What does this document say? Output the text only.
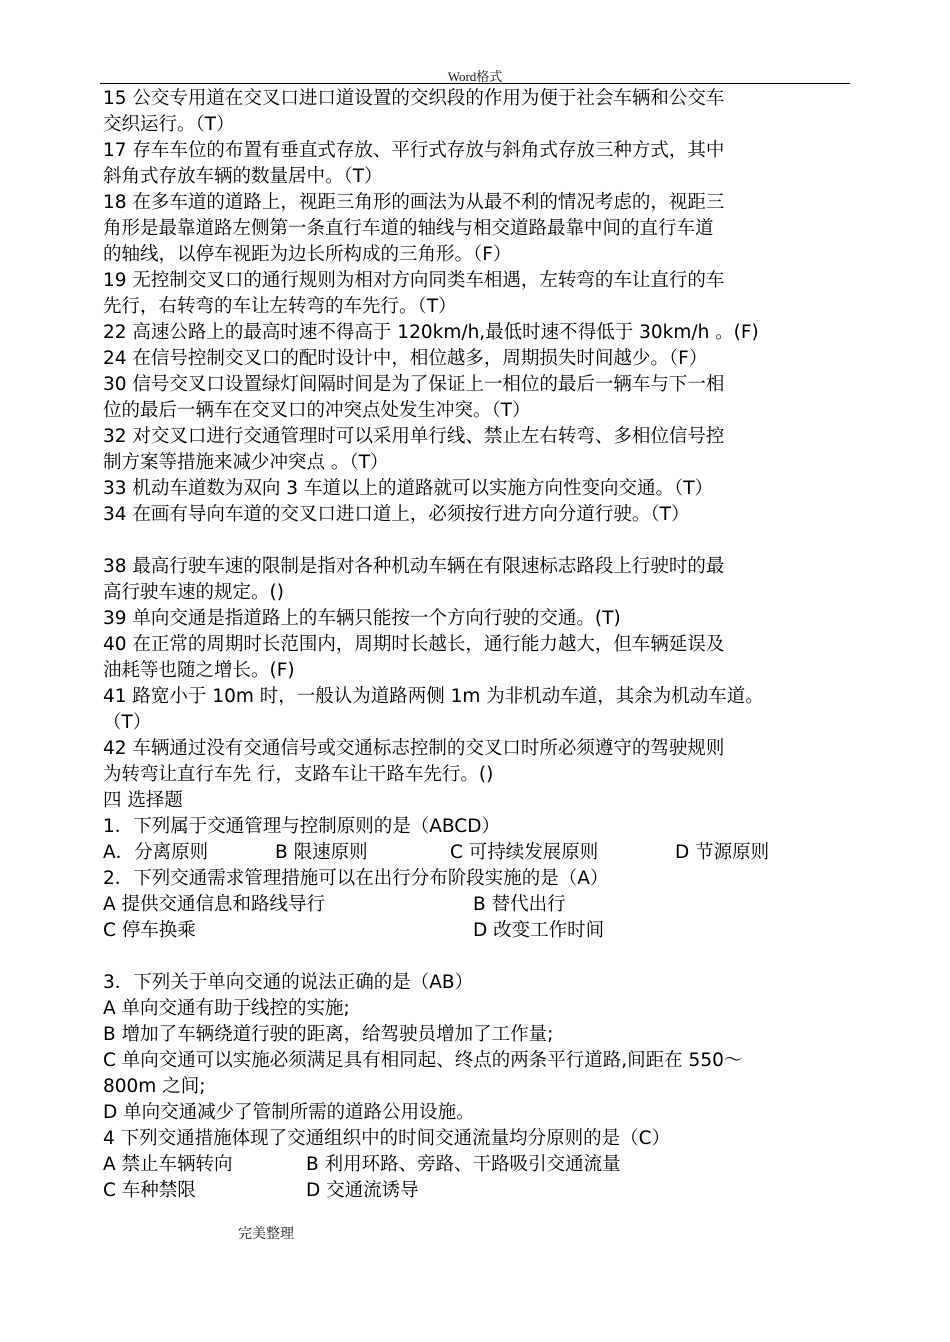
Word格式

15 公交专用道在交叉口进口道设置的交织段的作用为便于社会车辆和公交车

交织运行。（T）

17 存车车位的布置有垂直式存放、平行式存放与斜角式存放三种方式，其中

斜角式存放车辆的数量居中。（T）

18 在多车道的道路上，视距三角形的画法为从最不利的情况考虑的，视距三

角形是最靠道路左侧第一条直行车道的轴线与相交道路最靠中间的直行车道

的轴线，以停车视距为边长所构成的三角形。（F）

19 无控制交叉口的通行规则为相对方向同类车相遇，左转弯的车让直行的车

先行，右转弯的车让左转弯的车先行。（T）

22 高速公路上的最高时速不得高于 120km/h,最低时速不得低于 30km/h 。(F)

24 在信号控制交叉口的配时设计中，相位越多，周期损失时间越少。（F）

30 信号交叉口设置绿灯间隔时间是为了保证上一相位的最后一辆车与下一相

位的最后一辆车在交叉口的冲突点处发生冲突。（T）

32 对交叉口进行交通管理时可以采用单行线、禁止左右转弯、多相位信号控

制方案等措施来减少冲突点 。（T）

33 机动车道数为双向 3 车道以上的道路就可以实施方向性变向交通。（T）

34 在画有导向车道的交叉口进口道上，必须按行进方向分道行驶。（T）

38 最高行驶车速的限制是指对各种机动车辆在有限速标志路段上行驶时的最

高行驶车速的规定。()

39 单向交通是指道路上的车辆只能按一个方向行驶的交通。(T)

40 在正常的周期时长范围内，周期时长越长，通行能力越大，但车辆延误及

油耗等也随之增长。(F)

41 路宽小于 10m 时，一般认为道路两侧 1m 为非机动车道，其余为机动车道。

（T）

42 车辆通过没有交通信号或交通标志控制的交叉口时所必须遵守的驾驶规则

为转弯让直行车先 行，支路车让干路车先行。()

四 选择题

1．下列属于交通管理与控制原则的是（ABCD）

A．分离原则	B 限速原则	C 可持续发展原则	D 节源原则

2．下列交通需求管理措施可以在出行分布阶段实施的是（A）

A 提供交通信息和路线导行	B 替代出行
C 停车换乘	D 改变工作时间

3．下列关于单向交通的说法正确的是（AB）

A 单向交通有助于线控的实施;

B 增加了车辆绕道行驶的距离，给驾驶员增加了工作量;

C 单向交通可以实施必须满足具有相同起、终点的两条平行道路,间距在 550～

800m 之间;

D 单向交通减少了管制所需的道路公用设施。

4 下列交通措施体现了交通组织中的时间交通流量均分原则的是（C）

A 禁止车辆转向	B 利用环路、旁路、干路吸引交通流量
C 车种禁限	D 交通流诱导
完美整理
